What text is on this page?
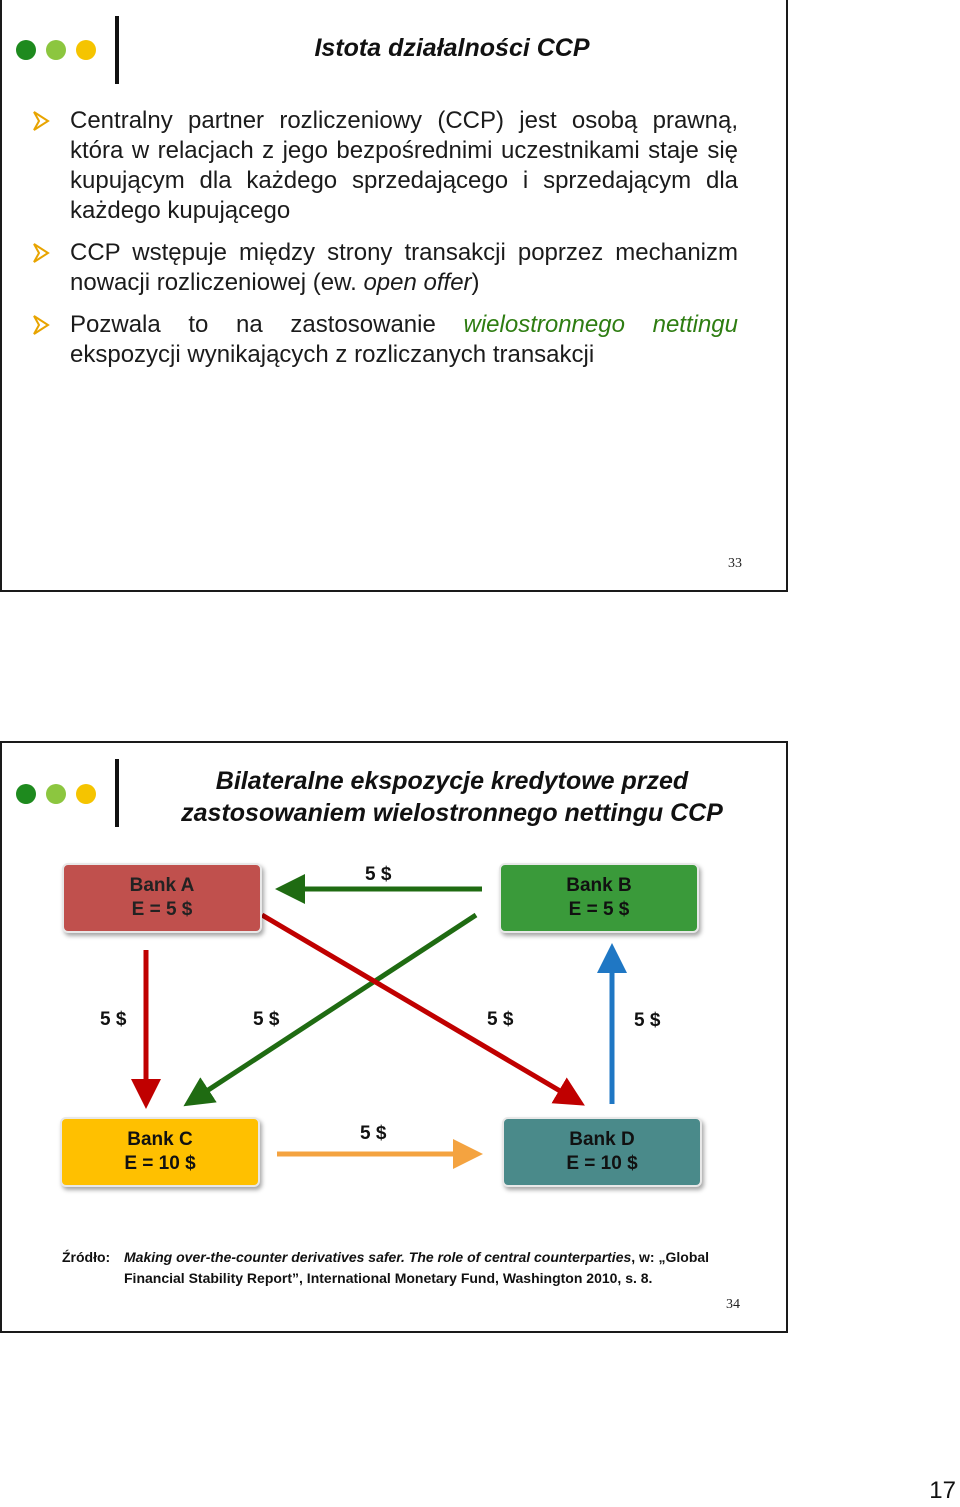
Istota działalności CCP
Centralny partner rozliczeniowy (CCP) jest osobą prawną, która w relacjach z jego bezpośrednimi uczestnikami staje się kupującym dla każdego sprzedającego i sprzedającym dla każdego kupującego
CCP wstępuje między strony transakcji poprzez mechanizm nowacji rozliczeniowej (ew. open offer)
Pozwala to na zastosowanie wielostronnego nettingu ekspozycji wynikających z rozliczanych transakcji
33
Bilateralne ekspozycje kredytowe przed
zastosowaniem wielostronnego nettingu CCP
Bank A
E = 5 $
Bank B
E = 5 $
Bank C
E = 10 $
Bank D
E = 10 $
5 $
5 $	5 $	5 $	5 $
5 $
Źródło: Making over-the-counter derivatives safer. The role of central counterparties, w: „Global
Financial Stability Report”, International Monetary Fund, Washington 2010, s. 8.
34
17
